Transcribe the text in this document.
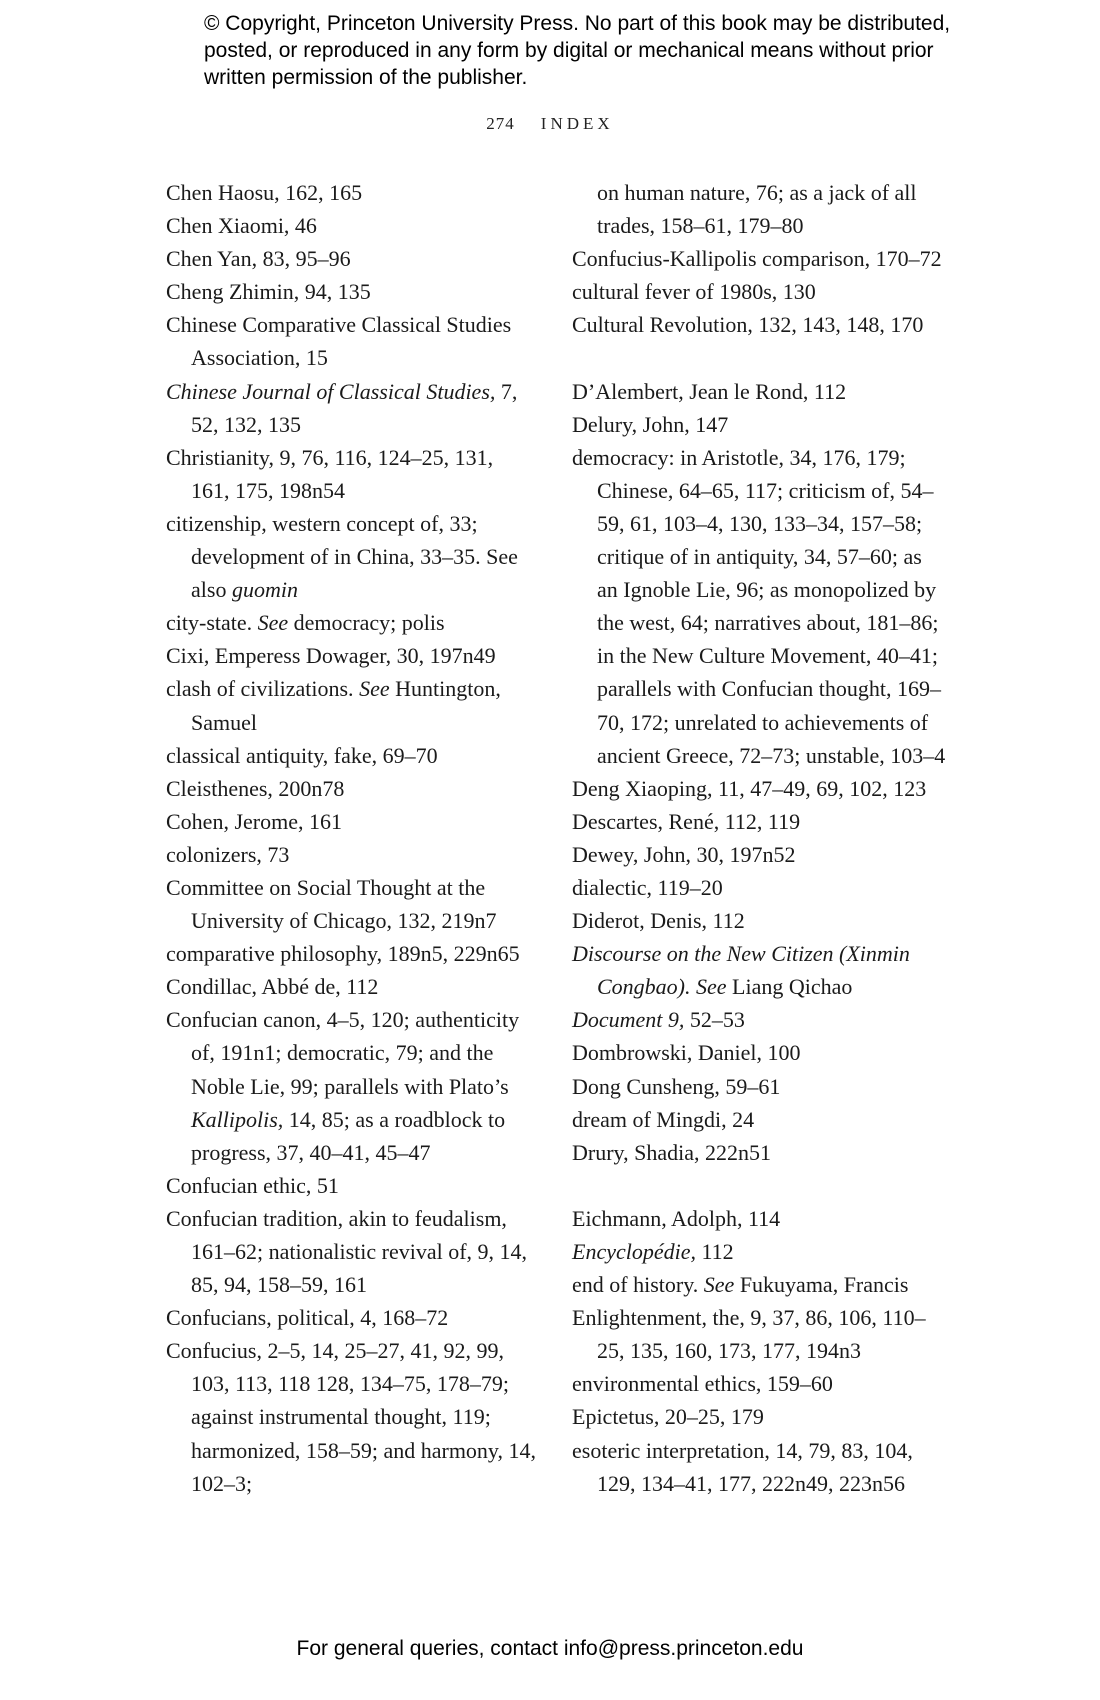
© Copyright, Princeton University Press. No part of this book may be distributed, posted, or reproduced in any form by digital or mechanical means without prior written permission of the publisher.
274 INDEX
Chen Haosu, 162, 165
Chen Xiaomi, 46
Chen Yan, 83, 95–96
Cheng Zhimin, 94, 135
Chinese Comparative Classical Studies Association, 15
Chinese Journal of Classical Studies, 7, 52, 132, 135
Christianity, 9, 76, 116, 124–25, 131, 161, 175, 198n54
citizenship, western concept of, 33; development of in China, 33–35. See also guomin
city-state. See democracy; polis
Cixi, Emperess Dowager, 30, 197n49
clash of civilizations. See Huntington, Samuel
classical antiquity, fake, 69–70
Cleisthenes, 200n78
Cohen, Jerome, 161
colonizers, 73
Committee on Social Thought at the University of Chicago, 132, 219n7
comparative philosophy, 189n5, 229n65
Condillac, Abbé de, 112
Confucian canon, 4–5, 120; authenticity of, 191n1; democratic, 79; and the Noble Lie, 99; parallels with Plato’s Kallipolis, 14, 85; as a roadblock to progress, 37, 40–41, 45–47
Confucian ethic, 51
Confucian tradition, akin to feudalism, 161–62; nationalistic revival of, 9, 14, 85, 94, 158–59, 161
Confucians, political, 4, 168–72
Confucius, 2–5, 14, 25–27, 41, 92, 99, 103, 113, 118 128, 134–75, 178–79; against instrumental thought, 119; harmonized, 158–59; and harmony, 14, 102–3;
on human nature, 76; as a jack of all trades, 158–61, 179–80
Confucius-Kallipolis comparison, 170–72
cultural fever of 1980s, 130
Cultural Revolution, 132, 143, 148, 170
D’Alembert, Jean le Rond, 112
Delury, John, 147
democracy: in Aristotle, 34, 176, 179; Chinese, 64–65, 117; criticism of, 54–59, 61, 103–4, 130, 133–34, 157–58; critique of in antiquity, 34, 57–60; as an Ignoble Lie, 96; as monopolized by the west, 64; narratives about, 181–86; in the New Culture Movement, 40–41; parallels with Confucian thought, 169–70, 172; unrelated to achievements of ancient Greece, 72–73; unstable, 103–4
Deng Xiaoping, 11, 47–49, 69, 102, 123
Descartes, René, 112, 119
Dewey, John, 30, 197n52
dialectic, 119–20
Diderot, Denis, 112
Discourse on the New Citizen (Xinmin Congbao). See Liang Qichao
Document 9, 52–53
Dombrowski, Daniel, 100
Dong Cunsheng, 59–61
dream of Mingdi, 24
Drury, Shadia, 222n51
Eichmann, Adolph, 114
Encyclopédie, 112
end of history. See Fukuyama, Francis
Enlightenment, the, 9, 37, 86, 106, 110–25, 135, 160, 173, 177, 194n3
environmental ethics, 159–60
Epictetus, 20–25, 179
esoteric interpretation, 14, 79, 83, 104, 129, 134–41, 177, 222n49, 223n56
For general queries, contact info@press.princeton.edu
